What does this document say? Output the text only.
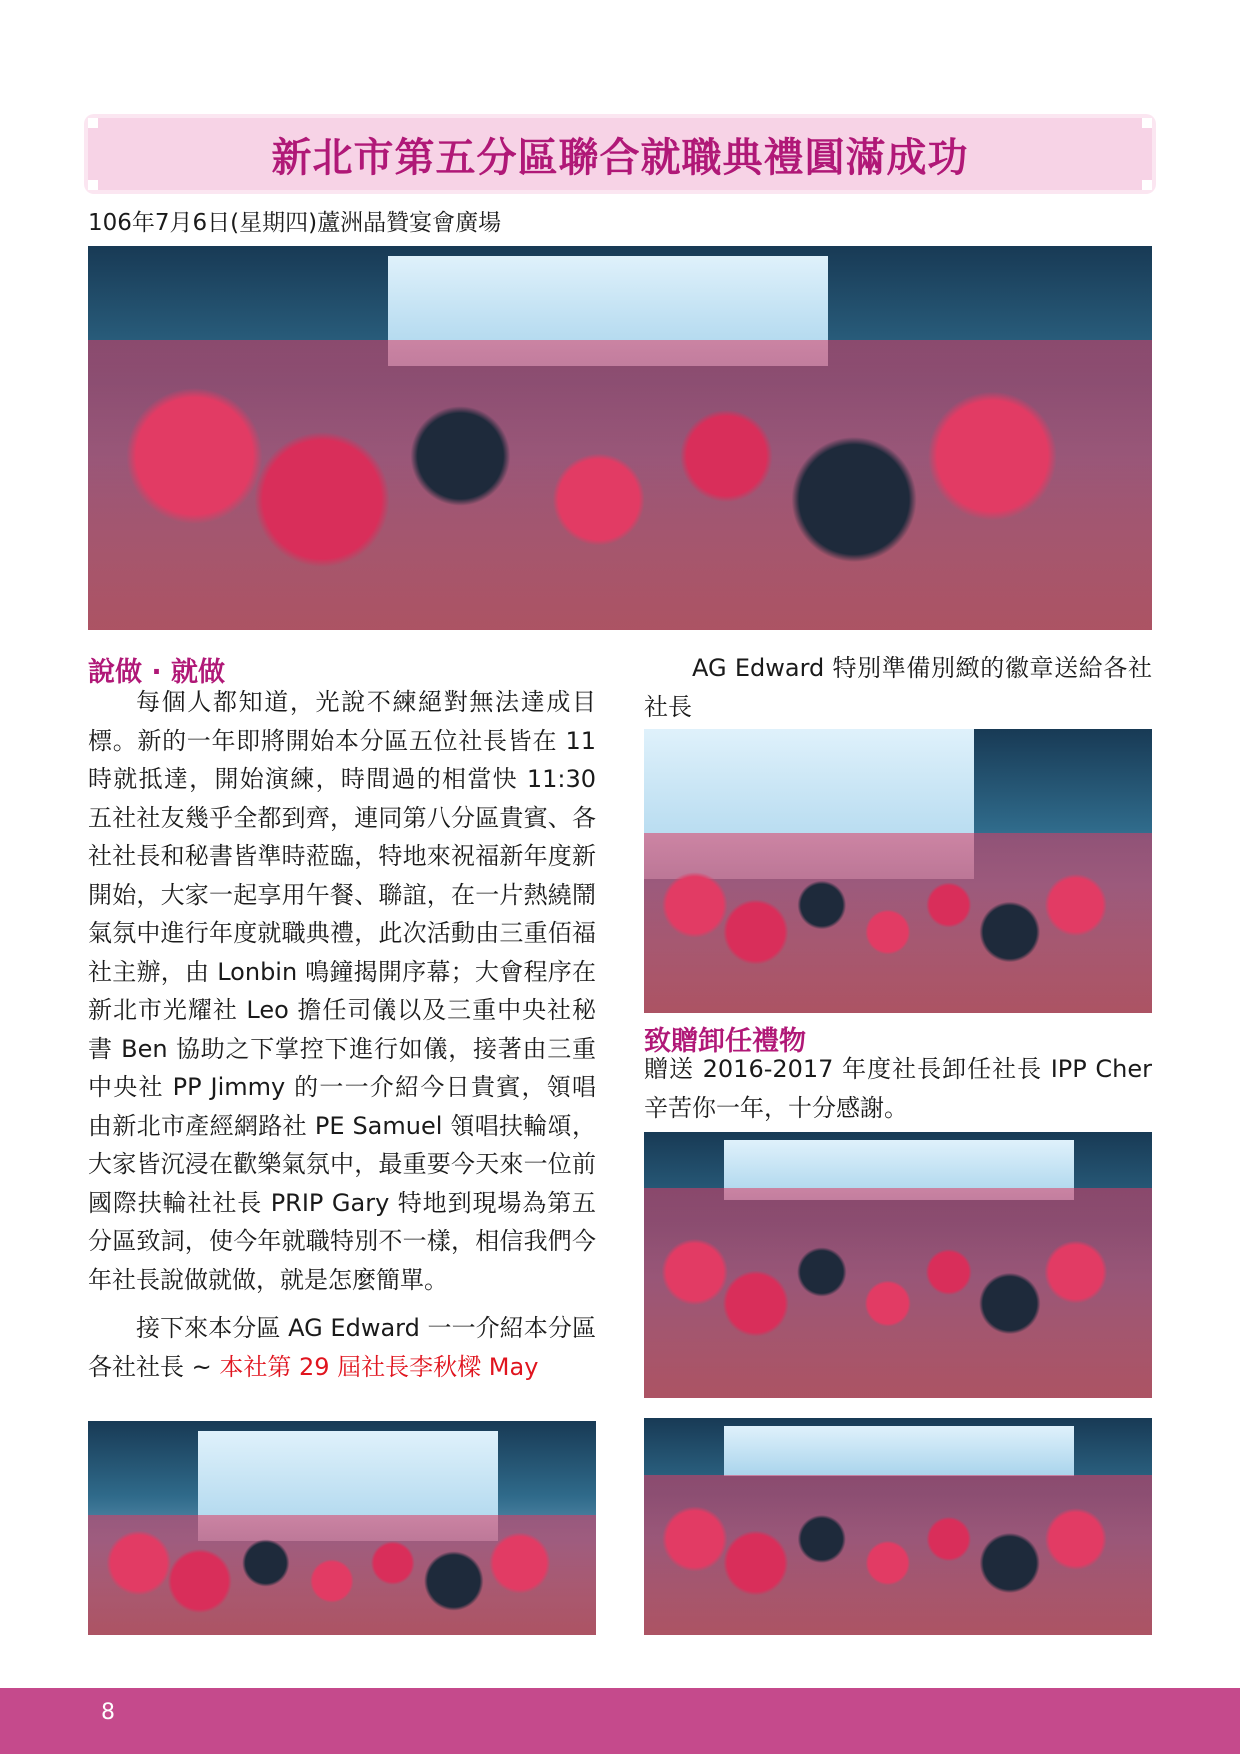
新北市第五分區聯合就職典禮圓滿成功
106年7月6日(星期四)蘆洲晶贊宴會廣場
說做 · 就做

每個人都知道，光說不練絕對無法達成目標。新的一年即將開始本分區五位社長皆在 11 時就抵達，開始演練，時間過的相當快 11:30 五社社友幾乎全都到齊，連同第八分區貴賓、各社社長和秘書皆準時蒞臨，特地來祝福新年度新開始，大家一起享用午餐、聯誼，在一片熱繞鬧氣氛中進行年度就職典禮，此次活動由三重佰福社主辦，由 Lonbin 鳴鐘揭開序幕；大會程序在新北市光耀社 Leo 擔任司儀以及三重中央社秘書 Ben 協助之下掌控下進行如儀，接著由三重中央社 PP Jimmy 的一一介紹今日貴賓，領唱由新北市產經網路社 PE Samuel 領唱扶輪頌，大家皆沉浸在歡樂氣氛中，最重要今天來一位前國際扶輪社社長 PRIP Gary 特地到現場為第五分區致詞，使今年就職特別不一樣，相信我們今年社長說做就做，就是怎麼簡單。

接下來本分區 AG Edward 一一介紹本分區各社社長 ~ 本社第 29 屆社長李秋樑 May

AG Edward 特別準備別緻的徽章送給各社社長

致贈卸任禮物

贈送 2016-2017 年度社長卸任社長 IPP Cher 辛苦你一年，十分感謝。

8
